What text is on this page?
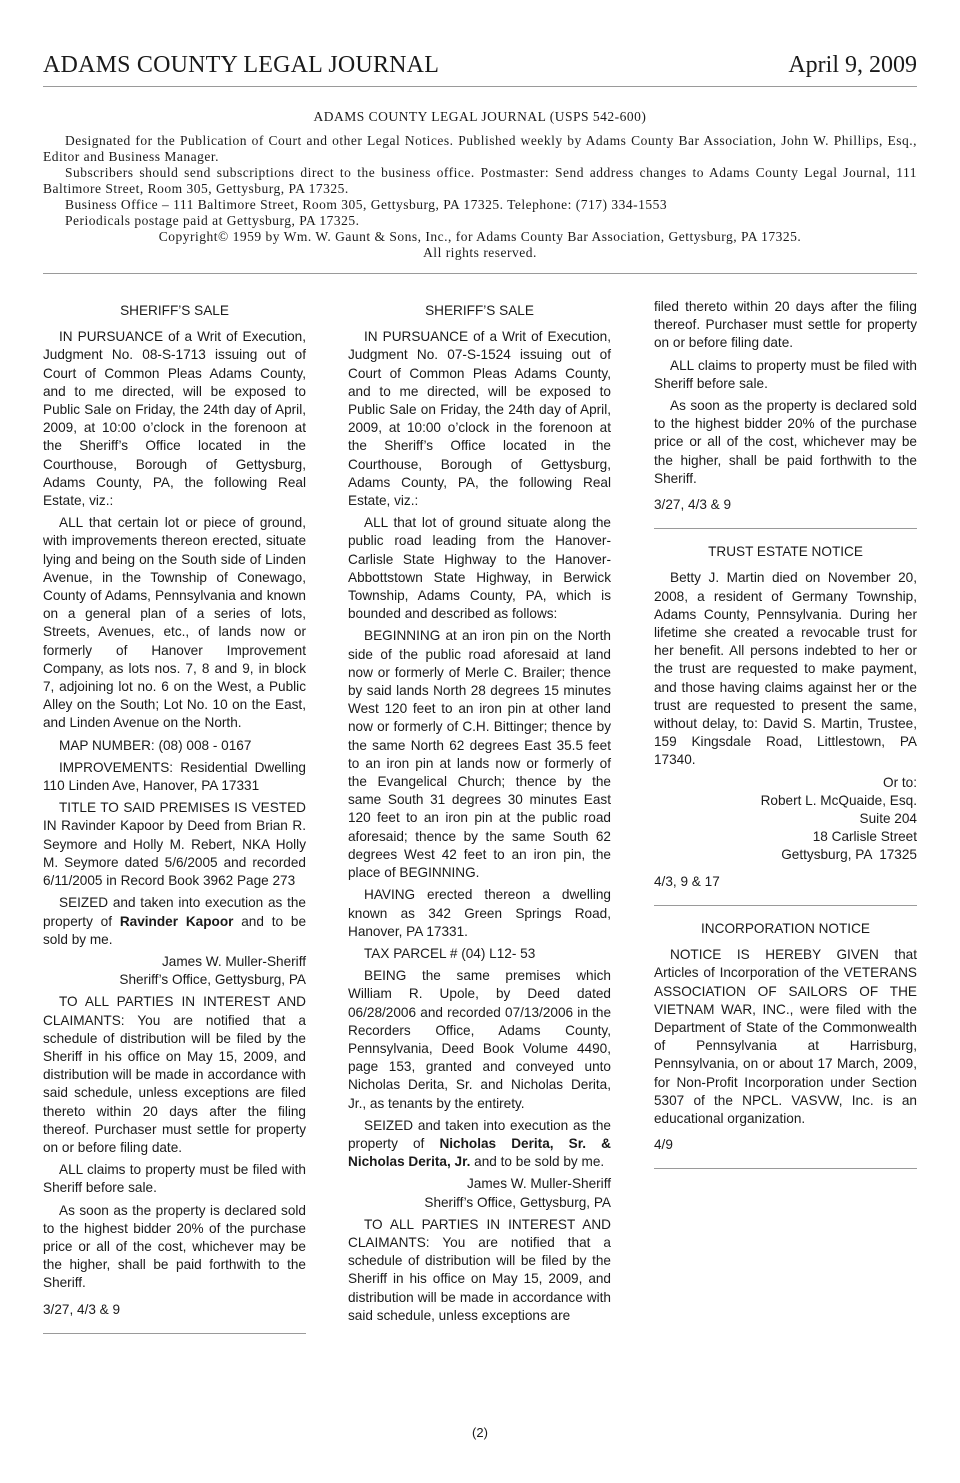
ADAMS COUNTY LEGAL JOURNAL	April 9, 2009

ADAMS COUNTY LEGAL JOURNAL (USPS 542-600)

Designated for the Publication of Court and other Legal Notices. Published weekly by Adams County Bar Association, John W. Phillips, Esq., Editor and Business Manager.

Subscribers should send subscriptions direct to the business office. Postmaster: Send address changes to Adams County Legal Journal, 111 Baltimore Street, Room 305, Gettysburg, PA 17325.

Business Office – 111 Baltimore Street, Room 305, Gettysburg, PA 17325. Telephone: (717) 334-1553

Periodicals postage paid at Gettysburg, PA 17325.

Copyright© 1959 by Wm. W. Gaunt & Sons, Inc., for Adams County Bar Association, Gettysburg, PA 17325.

All rights reserved.

SHERIFF’S SALE

IN PURSUANCE of a Writ of Execution, Judgment No. 08-S-1713 issuing out of Court of Common Pleas Adams County, and to me directed, will be exposed to Public Sale on Friday, the 24th day of April, 2009, at 10:00 o’clock in the forenoon at the Sheriff’s Office located in the Courthouse, Borough of Gettysburg, Adams County, PA, the following Real Estate, viz.:

ALL that certain lot or piece of ground, with improvements thereon erected, situate lying and being on the South side of Linden Avenue, in the Township of Conewago, County of Adams, Pennsylvania and known on a general plan of a series of lots, Streets, Avenues, etc., of lands now or formerly of Hanover Improvement Company, as lots nos. 7, 8 and 9, in block 7, adjoining lot no. 6 on the West, a Public Alley on the South; Lot No. 10 on the East, and Linden Avenue on the North.

MAP NUMBER: (08) 008 - 0167

IMPROVEMENTS: Residential Dwelling 110 Linden Ave, Hanover, PA 17331

TITLE TO SAID PREMISES IS VESTED IN Ravinder Kapoor by Deed from Brian R. Seymore and Holly M. Rebert, NKA Holly M. Seymore dated 5/6/2005 and recorded 6/11/2005 in Record Book 3962 Page 273

SEIZED and taken into execution as the property of Ravinder Kapoor and to be sold by me.

James W. Muller-Sheriff

Sheriff’s Office, Gettysburg, PA

TO ALL PARTIES IN INTEREST AND CLAIMANTS: You are notified that a schedule of distribution will be filed by the Sheriff in his office on May 15, 2009, and distribution will be made in accordance with said schedule, unless exceptions are filed thereto within 20 days after the filing thereof. Purchaser must settle for property on or before filing date.

ALL claims to property must be filed with Sheriff before sale.

As soon as the property is declared sold to the highest bidder 20% of the purchase price or all of the cost, whichever may be the higher, shall be paid forthwith to the Sheriff.

3/27, 4/3 & 9

SHERIFF’S SALE

IN PURSUANCE of a Writ of Execution, Judgment No. 07-S-1524 issuing out of Court of Common Pleas Adams County, and to me directed, will be exposed to Public Sale on Friday, the 24th day of April, 2009, at 10:00 o’clock in the forenoon at the Sheriff’s Office located in the Courthouse, Borough of Gettysburg, Adams County, PA, the following Real Estate, viz.:

ALL that lot of ground situate along the public road leading from the Hanover-Carlisle State Highway to the Hanover-Abbottstown State Highway, in Berwick Township, Adams County, PA, which is bounded and described as follows:

BEGINNING at an iron pin on the North side of the public road aforesaid at land now or formerly of Merle C. Brailer; thence by said lands North 28 degrees 15 minutes West 120 feet to an iron pin at other land now or formerly of C.H. Bittinger; thence by the same North 62 degrees East 35.5 feet to an iron pin at lands now or formerly of the Evangelical Church; thence by the same South 31 degrees 30 minutes East 120 feet to an iron pin at the public road aforesaid; thence by the same South 62 degrees West 42 feet to an iron pin, the place of BEGINNING.

HAVING erected thereon a dwelling known as 342 Green Springs Road, Hanover, PA 17331.

TAX PARCEL # (04) L12- 53

BEING the same premises which William R. Upole, by Deed dated 06/28/2006 and recorded 07/13/2006 in the Recorders Office, Adams County, Pennsylvania, Deed Book Volume 4490, page 153, granted and conveyed unto Nicholas Derita, Sr. and Nicholas Derita, Jr., as tenants by the entirety.

SEIZED and taken into execution as the property of Nicholas Derita, Sr. & Nicholas Derita, Jr. and to be sold by me.

James W. Muller-Sheriff

Sheriff’s Office, Gettysburg, PA

TO ALL PARTIES IN INTEREST AND CLAIMANTS: You are notified that a schedule of distribution will be filed by the Sheriff in his office on May 15, 2009, and distribution will be made in accordance with said schedule, unless exceptions are

filed thereto within 20 days after the filing thereof. Purchaser must settle for property on or before filing date.

ALL claims to property must be filed with Sheriff before sale.

As soon as the property is declared sold to the highest bidder 20% of the purchase price or all of the cost, whichever may be the higher, shall be paid forthwith to the Sheriff.

3/27, 4/3 & 9

TRUST ESTATE NOTICE

Betty J. Martin died on November 20, 2008, a resident of Germany Township, Adams County, Pennsylvania. During her lifetime she created a revocable trust for her benefit. All persons indebted to her or the trust are requested to make payment, and those having claims against her or the trust are requested to present the same, without delay, to: David S. Martin, Trustee, 159 Kingsdale Road, Littlestown, PA 17340.

Or to:

Robert L. McQuaide, Esq.

Suite 204

18 Carlisle Street

Gettysburg, PA  17325

4/3, 9 & 17

INCORPORATION NOTICE

NOTICE IS HEREBY GIVEN that Articles of Incorporation of the VETERANS ASSOCIATION OF SAILORS OF THE VIETNAM WAR, INC., were filed with the Department of State of the Commonwealth of Pennsylvania at Harrisburg, Pennsylvania, on or about 17 March, 2009, for Non-Profit Incorporation under Section 5307 of the NPCL. VASVW, Inc. is an educational organization.

4/9

(2)
